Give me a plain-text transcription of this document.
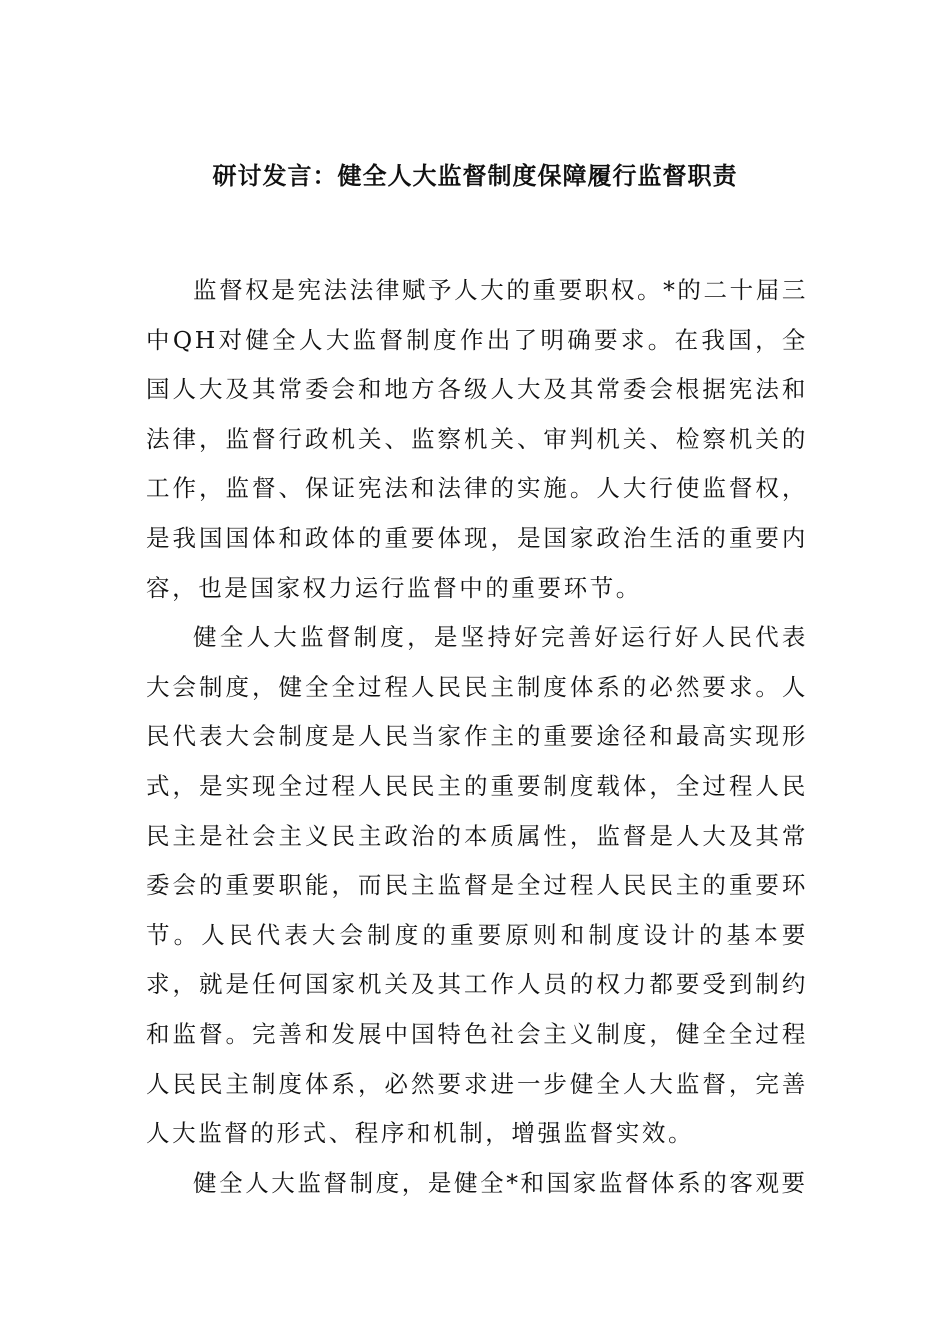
研讨发言：健全人大监督制度保障履行监督职责

监督权是宪法法律赋予人大的重要职权。*的二十届三中QH对健全人大监督制度作出了明确要求。在我国，全国人大及其常委会和地方各级人大及其常委会根据宪法和法律，监督行政机关、监察机关、审判机关、检察机关的工作，监督、保证宪法和法律的实施。人大行使监督权，是我国国体和政体的重要体现，是国家政治生活的重要内容，也是国家权力运行监督中的重要环节。

健全人大监督制度，是坚持好完善好运行好人民代表大会制度，健全全过程人民民主制度体系的必然要求。人民代表大会制度是人民当家作主的重要途径和最高实现形式，是实现全过程人民民主的重要制度载体，全过程人民民主是社会主义民主政治的本质属性，监督是人大及其常委会的重要职能，而民主监督是全过程人民民主的重要环节。人民代表大会制度的重要原则和制度设计的基本要求，就是任何国家机关及其工作人员的权力都要受到制约和监督。完善和发展中国特色社会主义制度，健全全过程人民民主制度体系，必然要求进一步健全人大监督，完善人大监督的形式、程序和机制，增强监督实效。

健全人大监督制度，是健全*和国家监督体系的客观要
